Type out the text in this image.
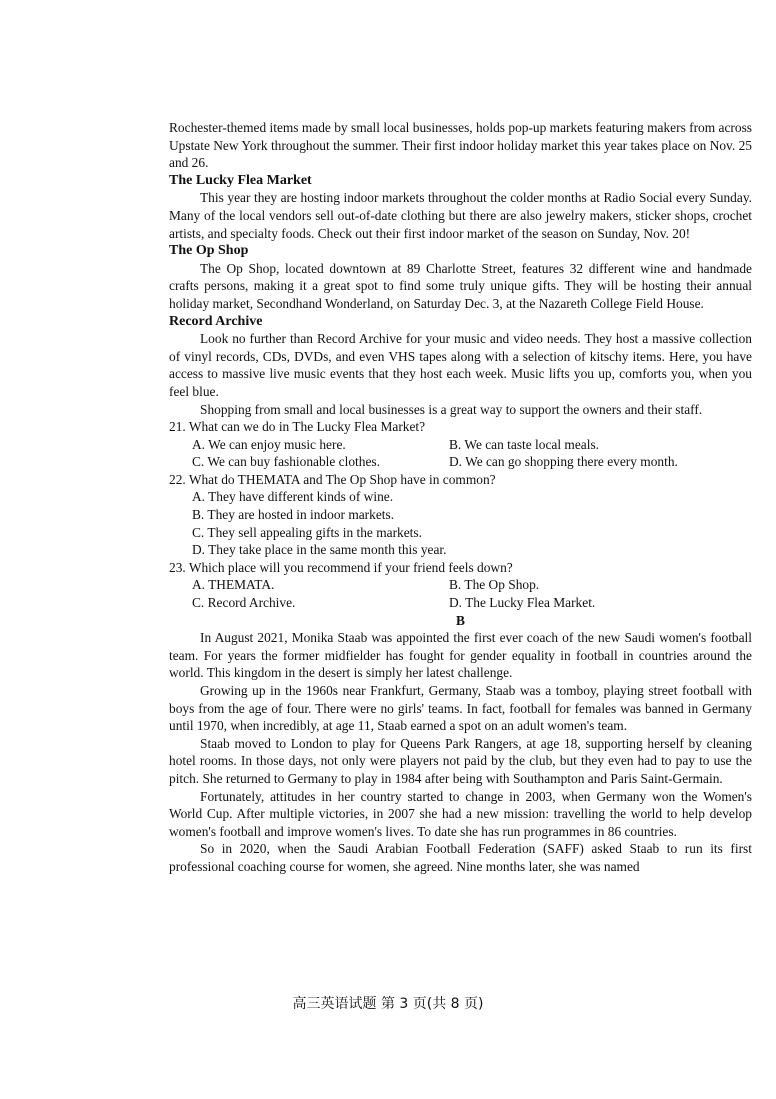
Rochester-themed items made by small local businesses, holds pop-up markets featuring makers from across Upstate New York throughout the summer. Their first indoor holiday market this year takes place on Nov. 25 and 26.

The Lucky Flea Market

This year they are hosting indoor markets throughout the colder months at Radio Social every Sunday. Many of the local vendors sell out-of-date clothing but there are also jewelry makers, sticker shops, crochet artists, and specialty foods. Check out their first indoor market of the season on Sunday, Nov. 20!

The Op Shop

The Op Shop, located downtown at 89 Charlotte Street, features 32 different wine and handmade crafts persons, making it a great spot to find some truly unique gifts. They will be hosting their annual holiday market, Secondhand Wonderland, on Saturday Dec. 3, at the Nazareth College Field House.

Record Archive

Look no further than Record Archive for your music and video needs. They host a massive collection of vinyl records, CDs, DVDs, and even VHS tapes along with a selection of kitschy items. Here, you have access to massive live music events that they host each week. Music lifts you up, comforts you, when you feel blue.

Shopping from small and local businesses is a great way to support the owners and their staff.

21. What can we do in The Lucky Flea Market?
A. We can enjoy music here.	B. We can taste local meals.
C. We can buy fashionable clothes.	D. We can go shopping there every month.
22. What do THEMATA and The Op Shop have in common?
A. They have different kinds of wine.
B. They are hosted in indoor markets.
C. They sell appealing gifts in the markets.
D. They take place in the same month this year.
23. Which place will you recommend if your friend feels down?
A. THEMATA.	B. The Op Shop.
C. Record Archive.	D. The Lucky Flea Market.
B

In August 2021, Monika Staab was appointed the first ever coach of the new Saudi women's football team. For years the former midfielder has fought for gender equality in football in countries around the world. This kingdom in the desert is simply her latest challenge.

Growing up in the 1960s near Frankfurt, Germany, Staab was a tomboy, playing street football with boys from the age of four. There were no girls' teams. In fact, football for females was banned in Germany until 1970, when incredibly, at age 11, Staab earned a spot on an adult women's team.

Staab moved to London to play for Queens Park Rangers, at age 18, supporting herself by cleaning hotel rooms. In those days, not only were players not paid by the club, but they even had to pay to use the pitch. She returned to Germany to play in 1984 after being with Southampton and Paris Saint-Germain.

Fortunately, attitudes in her country started to change in 2003, when Germany won the Women's World Cup. After multiple victories, in 2007 she had a new mission: travelling the world to help develop women's football and improve women's lives. To date she has run programmes in 86 countries.

So in 2020, when the Saudi Arabian Football Federation (SAFF) asked Staab to run its first professional coaching course for women, she agreed. Nine months later, she was named

高三英语试题 第 3 页(共 8 页)
